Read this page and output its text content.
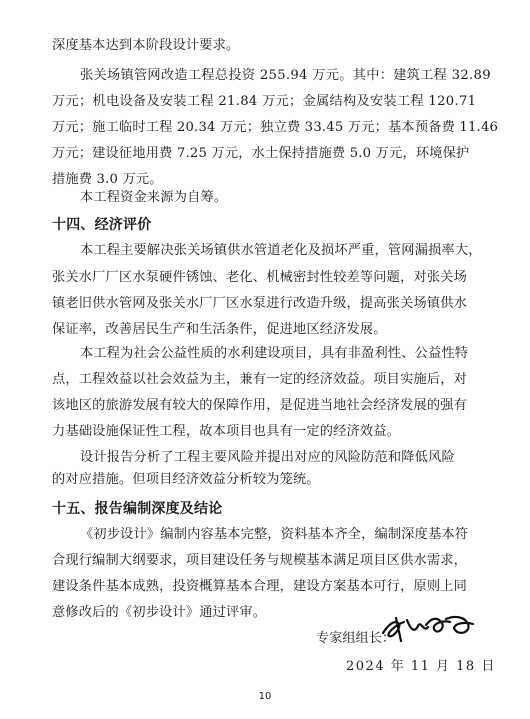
深度基本达到本阶段设计要求。
张关场镇管网改造工程总投资 255.94 万元。其中：建筑工程 32.89
万元；机电设备及安装工程 21.84 万元；金属结构及安装工程 120.71
万元；施工临时工程 20.34 万元；独立费 33.45 万元；基本预备费 11.46
万元；建设征地用费 7.25 万元，水土保持措施费 5.0 万元，环境保护
措施费 3.0 万元。
本工程资金来源为自筹。
十四、经济评价
本工程主要解决张关场镇供水管道老化及损坏严重，管网漏损率大，
张关水厂厂区水泵硬件锈蚀、老化、机械密封性较差等问题，对张关场
镇老旧供水管网及张关水厂厂区水泵进行改造升级，提高张关场镇供水
保证率，改善居民生产和生活条件，促进地区经济发展。
本工程为社会公益性质的水利建设项目，具有非盈利性、公益性特
点，工程效益以社会效益为主，兼有一定的经济效益。项目实施后，对
该地区的旅游发展有较大的保障作用，是促进当地社会经济发展的强有
力基础设施保证性工程，故本项目也具有一定的经济效益。
设计报告分析了工程主要风险并提出对应的风险防范和降低风险
的对应措施。但项目经济效益分析较为笼统。
十五、报告编制深度及结论
《初步设计》编制内容基本完整，资料基本齐全，编制深度基本符
合现行编制大纲要求，项目建设任务与规模基本满足项目区供水需求，
建设条件基本成熟，投资概算基本合理，建设方案基本可行，原则上同
意修改后的《初步设计》通过评审。
专家组组长：
2024 年 11 月 18 日
10
